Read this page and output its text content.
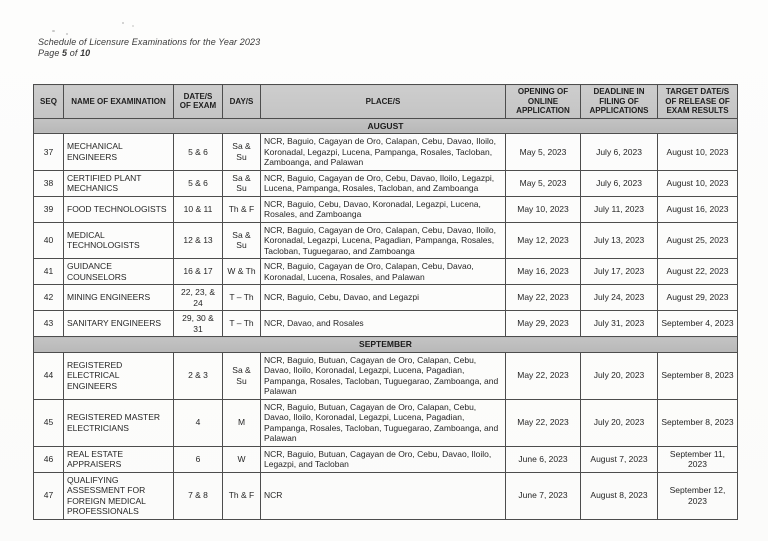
Schedule of Licensure Examinations for the Year 2023
Page 5 of 10
SEQ	NAME OF EXAMINATION	DATE/S OF EXAM	DAY/S	PLACE/S	OPENING OF ONLINE APPLICATION	DEADLINE IN FILING OF APPLICATIONS	TARGET DATE/S OF RELEASE OF EXAM RESULTS
AUGUST							
37	MECHANICAL ENGINEERS	5 & 6	Sa & Su	NCR, Baguio, Cagayan de Oro, Calapan, Cebu, Davao, Iloilo, Koronadal, Legazpi, Lucena, Pampanga, Rosales, Tacloban, Zamboanga, and Palawan	May 5, 2023	July 6, 2023	August 10, 2023
38	CERTIFIED PLANT MECHANICS	5 & 6	Sa & Su	NCR, Baguio, Cagayan de Oro, Cebu, Davao, Iloilo, Legazpi, Lucena, Pampanga, Rosales, Tacloban, and Zamboanga	May 5, 2023	July 6, 2023	August 10, 2023
39	FOOD TECHNOLOGISTS	10 & 11	Th & F	NCR, Baguio, Cebu, Davao, Koronadal, Legazpi, Lucena, Rosales, and Zamboanga	May 10, 2023	July 11, 2023	August 16, 2023
40	MEDICAL TECHNOLOGISTS	12 & 13	Sa & Su	NCR, Baguio, Cagayan de Oro, Calapan, Cebu, Davao, Iloilo, Koronadal, Legazpi, Lucena, Pagadian, Pampanga, Rosales, Tacloban, Tuguegarao, and Zamboanga	May 12, 2023	July 13, 2023	August 25, 2023
41	GUIDANCE COUNSELORS	16 & 17	W & Th	NCR, Baguio, Cagayan de Oro, Calapan, Cebu, Davao, Koronadal, Lucena, Rosales, and Palawan	May 16, 2023	July 17, 2023	August 22, 2023
42	MINING ENGINEERS	22, 23, & 24	T – Th	NCR, Baguio, Cebu, Davao, and Legazpi	May 22, 2023	July 24, 2023	August 29, 2023
43	SANITARY ENGINEERS	29, 30 & 31	T – Th	NCR, Davao, and Rosales	May 29, 2023	July 31, 2023	September 4, 2023
SEPTEMBER							
44	REGISTERED ELECTRICAL ENGINEERS	2 & 3	Sa & Su	NCR, Baguio, Butuan, Cagayan de Oro, Calapan, Cebu, Davao, Iloilo, Koronadal, Legazpi, Lucena, Pagadian, Pampanga, Rosales, Tacloban, Tuguegarao, Zamboanga, and Palawan	May 22, 2023	July 20, 2023	September 8, 2023
45	REGISTERED MASTER ELECTRICIANS	4	M	NCR, Baguio, Butuan, Cagayan de Oro, Calapan, Cebu, Davao, Iloilo, Koronadal, Legazpi, Lucena, Pagadian, Pampanga, Rosales, Tacloban, Tuguegarao, Zamboanga, and Palawan	May 22, 2023	July 20, 2023	September 8, 2023
46	REAL ESTATE APPRAISERS	6	W	NCR, Baguio, Butuan, Cagayan de Oro, Cebu, Davao, Iloilo, Legazpi, and Tacloban	June 6, 2023	August 7, 2023	September 11, 2023
47	QUALIFYING ASSESSMENT FOR FOREIGN MEDICAL PROFESSIONALS	7 & 8	Th & F	NCR	June 7, 2023	August 8, 2023	September 12, 2023
